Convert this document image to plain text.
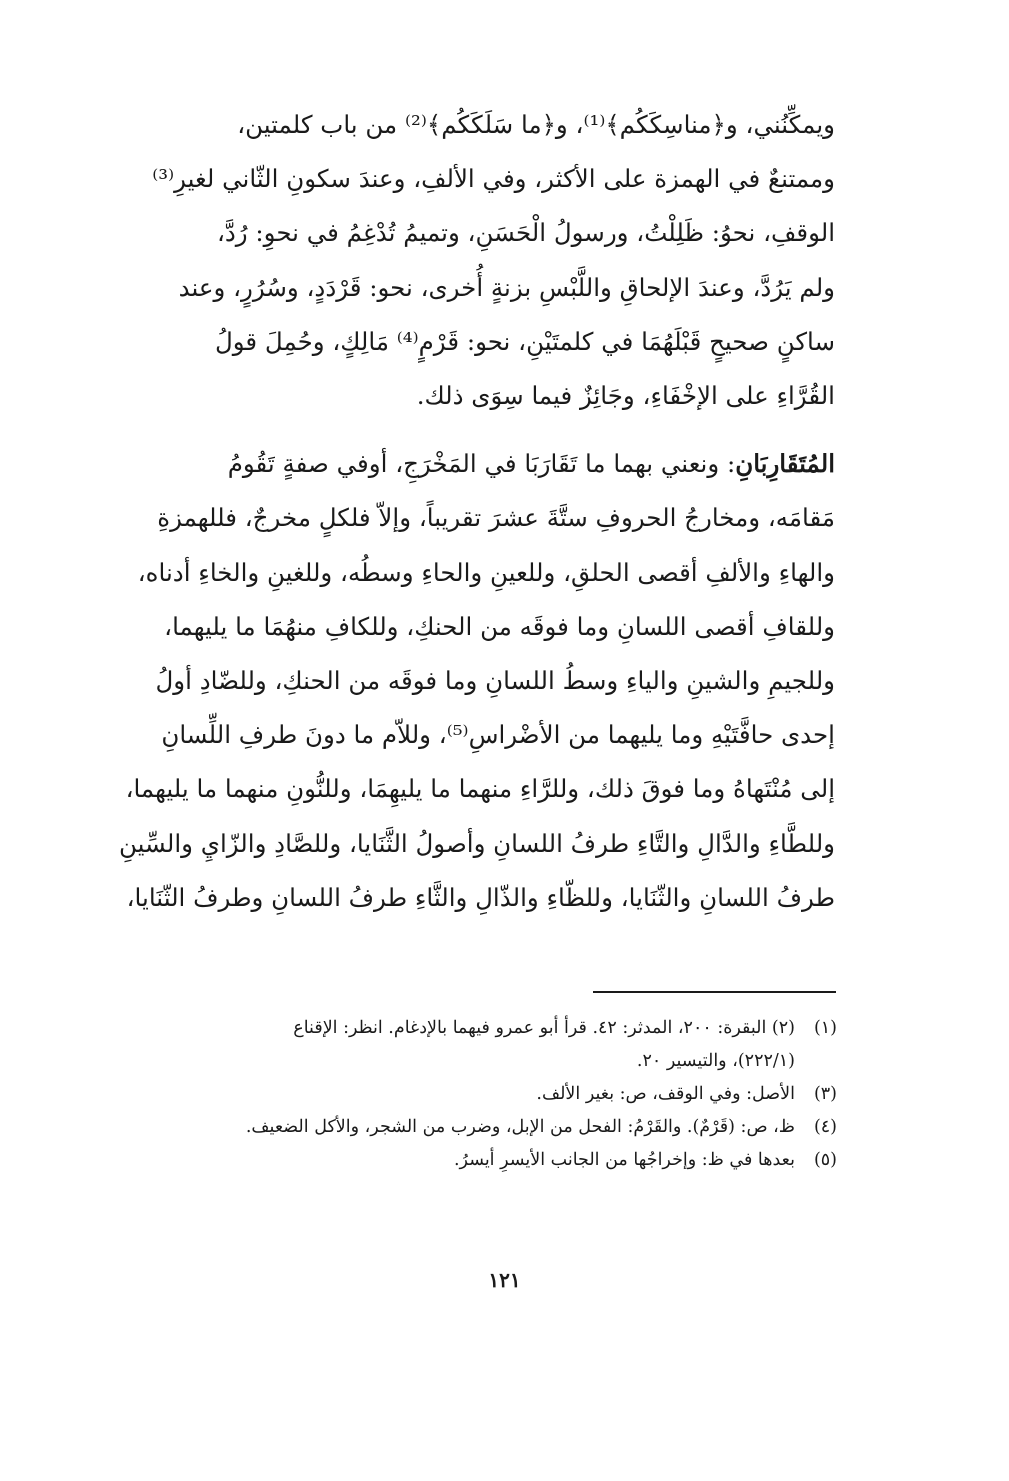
ويمكِّنُني، و﴿مناسِكَكُم﴾⁽¹⁾، و﴿ما سَلَكَكُم﴾⁽²⁾ من باب كلمتين،
وممتنعٌ في الهمزة على الأكثر، وفي الألفِ، وعندَ سكونِ الثّاني لغيرِ⁽³⁾
الوقفِ، نحوُ: ظَلِلْتُ، ورسولُ الْحَسَنِ، وتميمُ تُدْغِمُ في نحوِ: رُدَّ،
ولم يَرُدَّ، وعندَ الإلحاقِ واللَّبْسِ بزنةٍ أُخرى، نحو: قَرْدَدٍ، وسُرُرٍ، وعند
ساكنٍ صحيحٍ قَبْلَهُمَا في كلمتَيْنِ، نحو: قَرْمٍ⁽⁴⁾ مَالِكٍ، وحُمِلَ قولُ
القُرَّاءِ على الإخْفَاءِ، وجَائِزٌ فيما سِوَى ذلك.

المُتَقَارِبَانِ: ونعني بهما ما تَقَارَبَا في المَخْرَجِ، أوفي صفةٍ تَقُومُ
مَقامَه، ومخارجُ الحروفِ ستَّةَ عشرَ تقريباً، وإلاّ فلكلٍ مخرجٌ، فللهمزةِ
والهاءِ والألفِ أقصى الحلقِ، وللعينِ والحاءِ وسطُه، وللغينِ والخاءِ أدناه،
وللقافِ أقصى اللسانِ وما فوقَه من الحنكِ، وللكافِ منهُمَا ما يليهما،
وللجيمِ والشينِ والياءِ وسطُ اللسانِ وما فوقَه من الحنكِ، وللضّادِ أولُ
إحدى حافَّتَيْهِ وما يليهما من الأضْراسِ⁽⁵⁾، وللاّم ما دونَ طرفِ اللِّسانِ
إلى مُنْتَهاهُ وما فوقَ ذلك، وللرَّاءِ منهما ما يليهِمَا، وللنُّونِ منهما ما يليهما،
وللطَّاءِ والدَّالِ والتَّاءِ طرفُ اللسانِ وأصولُ الثَّنَايا، وللصَّادِ والزّايِ والسِّينِ
طرفُ اللسانِ والثّنَايا، وللظّاءِ والذّالِ والثَّاءِ طرفُ اللسانِ وطرفُ الثّنَايا،

(١)
(٢) البقرة: ٢٠٠، المدثر: ٤٢. قرأ أبو عمرو فيهما بالإدغام. انظر: الإقناع
(٢٢٢/١)، والتيسير ٢٠.
(٣)
الأصل: وفي الوقف، ص: بغير الألف.
(٤)
ظ، ص: (قَرْمٌ). والقَرْمُ: الفحل من الإبل، وضرب من الشجر، والأكل الضعيف.
(٥)
بعدها في ظ: وإخراجُها من الجانب الأيسرِ أيسرُ.
١٢١
